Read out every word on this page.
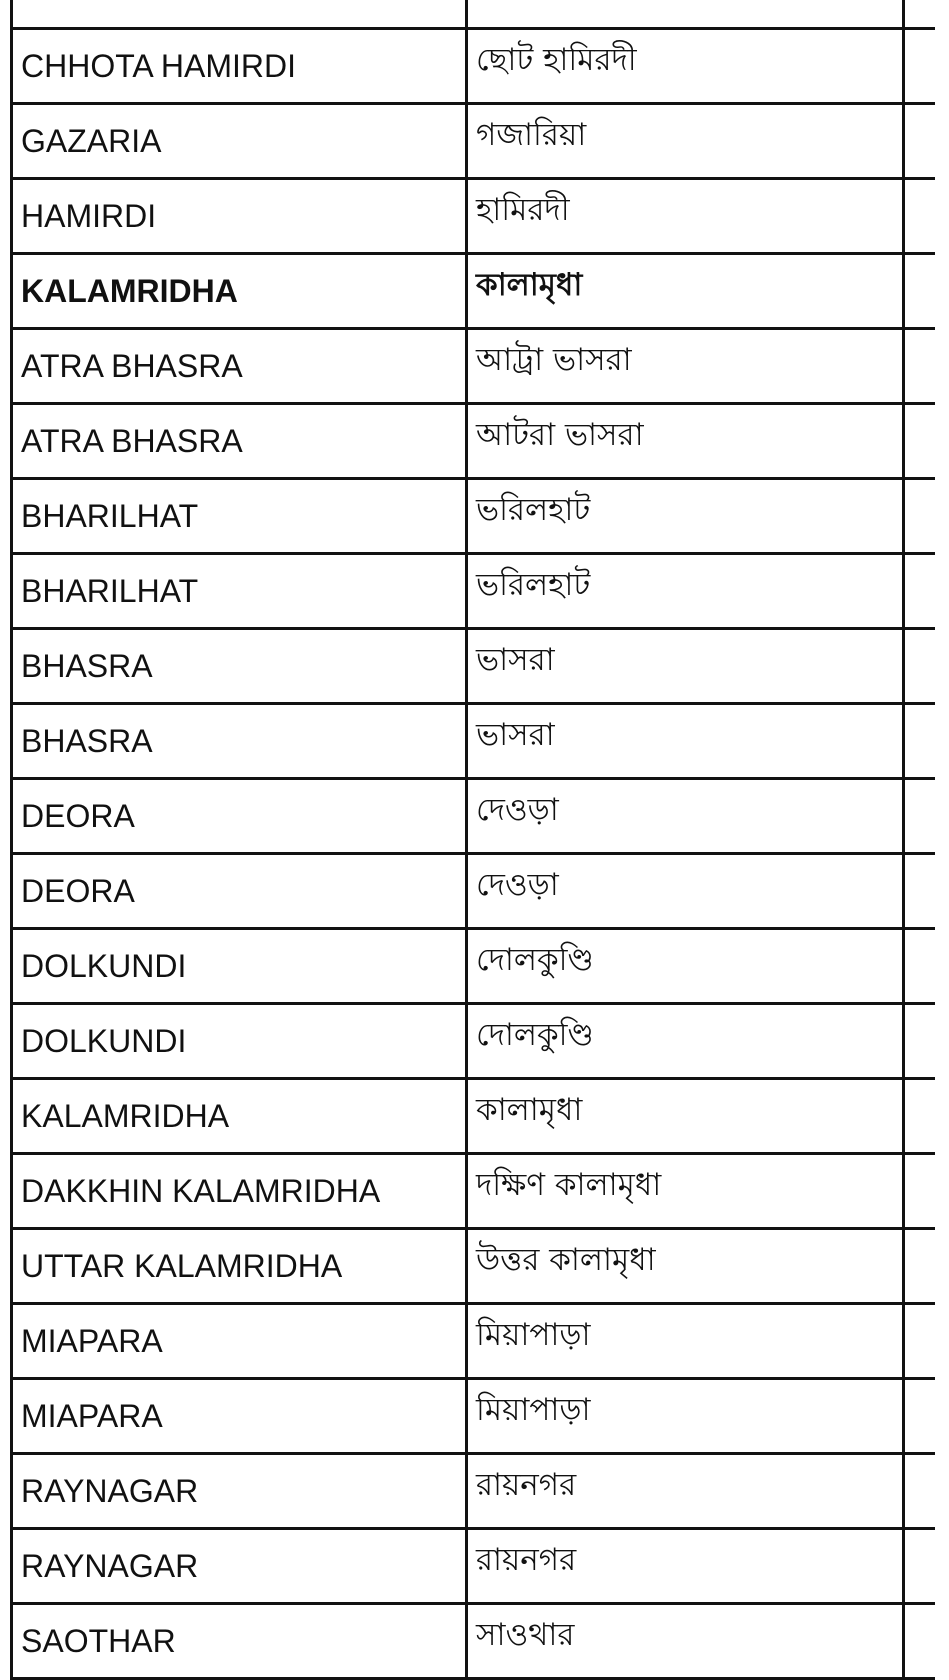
CHHOTA HAMIRDI	ছোট হামিরদী	
GAZARIA	গজারিয়া	
HAMIRDI	হামিরদী	
KALAMRIDHA	কালামৃধা	
ATRA BHASRA	আট্রা ভাসরা	
ATRA BHASRA	আটরা ভাসরা	
BHARILHAT	ভরিলহাট	
BHARILHAT	ভরিলহাট	
BHASRA	ভাসরা	
BHASRA	ভাসরা	
DEORA	দেওড়া	
DEORA	দেওড়া	
DOLKUNDI	দোলকুণ্ডি	
DOLKUNDI	দোলকুণ্ডি	
KALAMRIDHA	কালামৃধা	
DAKKHIN KALAMRIDHA	দক্ষিণ কালামৃধা	
UTTAR KALAMRIDHA	উত্তর কালামৃধা	
MIAPARA	মিয়াপাড়া	
MIAPARA	মিয়াপাড়া	
RAYNAGAR	রায়নগর	
RAYNAGAR	রায়নগর	
SAOTHAR	সাওথার	
